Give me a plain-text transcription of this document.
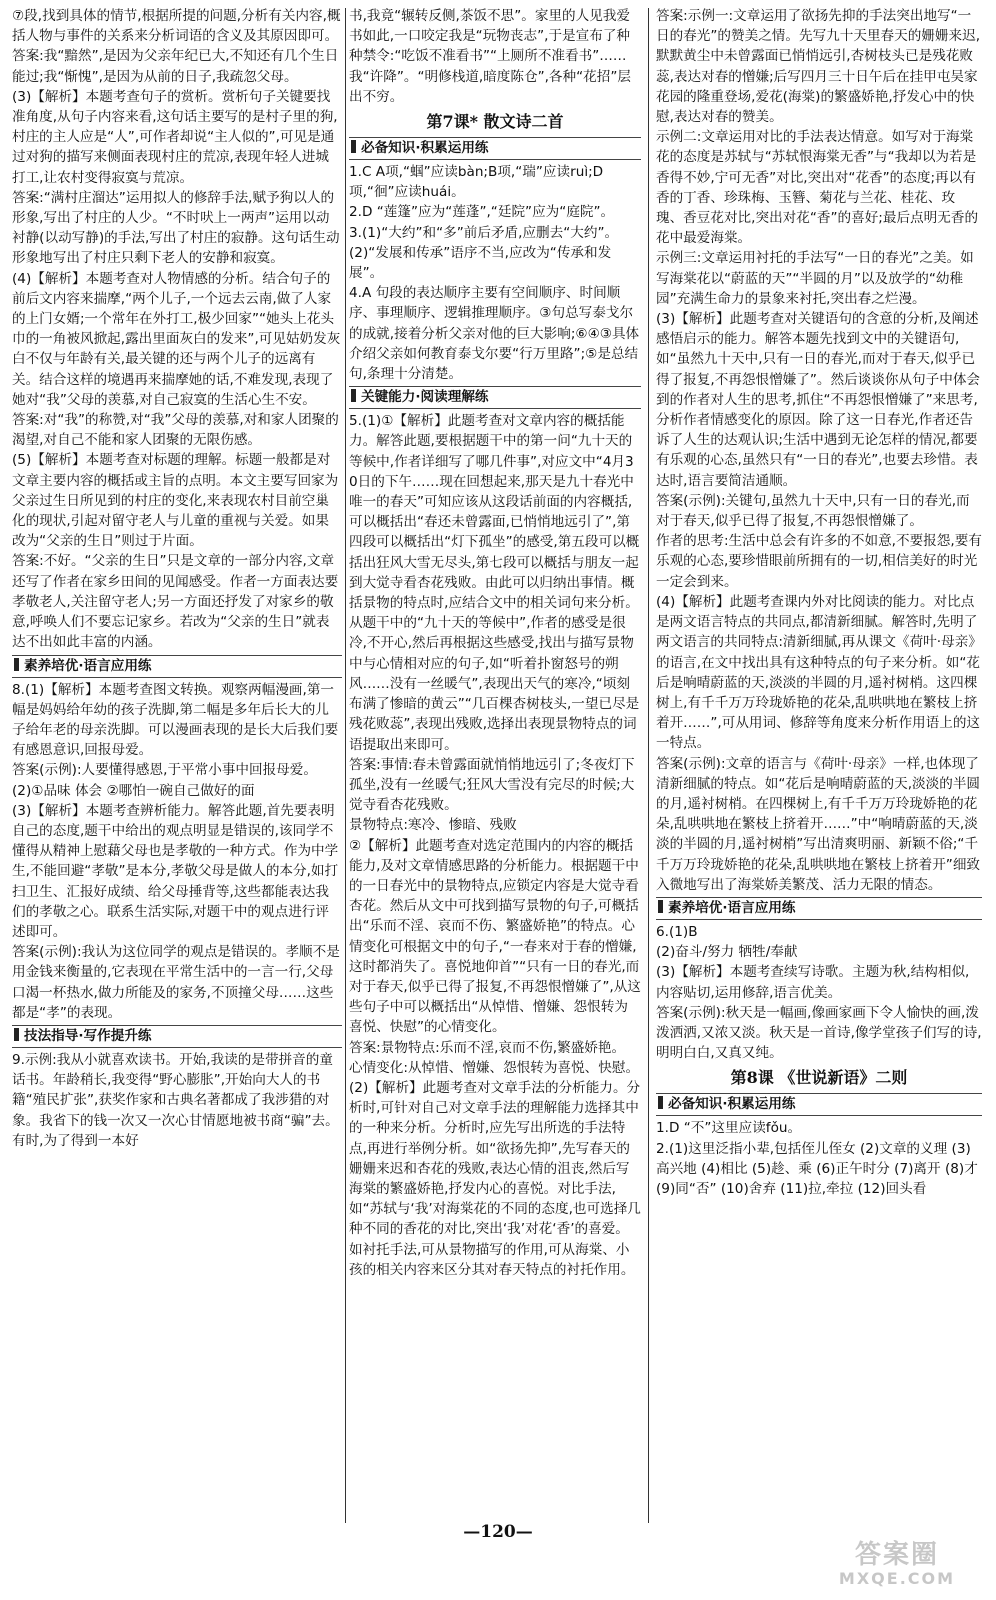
⑦段,找到具体的情节,根据所提的问题,分析有关内容,概括人物与事件的关系来分析词语的含义及其原因即可。

答案:我“黯然”,是因为父亲年纪已大,不知还有几个生日能过;我“惭愧”,是因为从前的日子,我疏忽父母。

(3)【解析】本题考查句子的赏析。赏析句子关键要找准角度,从句子内容来看,这句话主要写的是村子里的狗,村庄的主人应是“人”,可作者却说“主人似的”,可见是通过对狗的描写来侧面表现村庄的荒凉,表现年轻人进城打工,让农村变得寂寞与荒凉。

答案:“满村庄溜达”运用拟人的修辞手法,赋予狗以人的形象,写出了村庄的人少。“不时吠上一两声”运用以动衬静(以动写静)的手法,写出了村庄的寂静。这句话生动形象地写出了村庄只剩下老人的安静和寂寞。

(4)【解析】本题考查对人物情感的分析。结合句子的前后文内容来揣摩,“两个儿子,一个远去云南,做了人家的上门女婿;一个常年在外打工,极少回家”“她头上花头巾的一角被风掀起,露出里面灰白的发来”,可见姑奶发灰白不仅与年龄有关,最关键的还与两个儿子的远离有关。结合这样的境遇再来揣摩她的话,不难发现,表现了她对“我”父母的羡慕,对自己寂寞的生活心生不安。

答案:对“我”的称赞,对“我”父母的羡慕,对和家人团聚的渴望,对自己不能和家人团聚的无限伤感。

(5)【解析】本题考查对标题的理解。标题一般都是对文章主要内容的概括或主旨的点明。本文主要写回家为父亲过生日所见到的村庄的变化,来表现农村目前空巢化的现状,引起对留守老人与儿童的重视与关爱。如果改为“父亲的生日”则过于片面。

答案:不好。“父亲的生日”只是文章的一部分内容,文章还写了作者在家乡田间的见闻感受。作者一方面表达要孝敬老人,关注留守老人;另一方面还抒发了对家乡的敬意,呼唤人们不要忘记家乡。若改为“父亲的生日”就表达不出如此丰富的内涵。

素养培优·语言应用练

8.(1)【解析】本题考查图文转换。观察两幅漫画,第一幅是妈妈给年幼的孩子洗脚,第二幅是多年后长大的儿子给年老的母亲洗脚。可以漫画表现的是长大后我们要有感恩意识,回报母爱。

答案(示例):人要懂得感恩,于平常小事中回报母爱。

(2)①品味 体会 ②哪怕一碗自己做好的面

(3)【解析】本题考查辨析能力。解答此题,首先要表明自己的态度,题干中给出的观点明显是错误的,该同学不懂得从精神上慰藉父母也是孝敬的一种方式。作为中学生,不能回避“孝敬”是本分,孝敬父母是做人的本分,如打扫卫生、汇报好成绩、给父母捶背等,这些都能表达我们的孝敬之心。联系生活实际,对题干中的观点进行评述即可。

答案(示例):我认为这位同学的观点是错误的。孝顺不是用金钱来衡量的,它表现在平常生活中的一言一行,父母口渴一杯热水,做力所能及的家务,不顶撞父母……这些都是“孝”的表现。

技法指导·写作提升练

9.示例:我从小就喜欢读书。开始,我读的是带拼音的童话书。年龄稍长,我变得“野心膨胀”,开始向大人的书籍“殖民扩张”,获奖作家和古典名著都成了我涉猎的对象。我省下的钱一次又一次心甘情愿地被书商“骗”去。有时,为了得到一本好

书,我竟“辗转反侧,茶饭不思”。家里的人见我爱书如此,一口咬定我是“玩物丧志”,于是宣布了种种禁令:“吃饭不准看书”“上厕所不准看书”……我“许降”。“明修栈道,暗度陈仓”,各种“花招”层出不穷。

第7课* 散文诗二首
必备知识·积累运用练

1.C A项,“蝈”应读bàn;B项,“瑞”应读ruì;D项,“徊”应读huái。

2.D “莲篷”应为“莲蓬”,“廷院”应为“庭院”。

3.(1)“大约”和“多”前后矛盾,应删去“大约”。

(2)“发展和传承”语序不当,应改为“传承和发展”。

4.A 句段的表达顺序主要有空间顺序、时间顺序、事理顺序、逻辑推理顺序。③句总写泰戈尔的成就,接着分析父亲对他的巨大影响;⑥④③具体介绍父亲如何教育泰戈尔要“行万里路”;⑤是总结句,条理十分清楚。

关键能力·阅读理解练

5.(1)①【解析】此题考查对文章内容的概括能力。解答此题,要根据题干中的第一问“九十天的等候中,作者详细写了哪几件事”,对应文中“4月30日的下午……现在回想起来,那天是九十春光中唯一的春天”可知应该从这段话前面的内容概括,可以概括出“春还未曾露面,已悄悄地远引了”,第四段可以概括出“灯下孤坐”的感受,第五段可以概括出狂风大雪无尽头,第七段可以概括与朋友一起到大觉寺看杏花残败。由此可以归纳出事情。概括景物的特点时,应结合文中的相关词句来分析。从题干中的“九十天的等候中”,作者的感受是很冷,不开心,然后再根据这些感受,找出与描写景物中与心情相对应的句子,如“听着扑窗怒号的朔风……没有一丝暖气”,表现出天气的寒冷,“顷刻布满了惨暗的黄云”“几百棵杏树枝头,一望已尽是残花败蕊”,表现出残败,选择出表现景物特点的词语提取出来即可。

答案:事情:春未曾露面就悄悄地远引了;冬夜灯下孤坐,没有一丝暖气;狂风大雪没有完尽的时候;大觉寺看杏花残败。

景物特点:寒冷、惨暗、残败

②【解析】此题考查对选定范围内的内容的概括能力,及对文章情感思路的分析能力。根据题干中的一日春光中的景物特点,应锁定内容是大觉寺看杏花。然后从文中可找到描写景物的句子,可概括出“乐而不淫、哀而不伤、繁盛娇艳”的特点。心情变化可根据文中的句子,“一春来对于春的憎嫌,这时都消失了。喜悦地仰首”“只有一日的春光,而对于春天,似乎已得了报复,不再怨恨憎嫌了”,从这些句子中可以概括出“从悼惜、憎嫌、怨恨转为喜悦、快慰”的心情变化。

答案:景物特点:乐而不淫,哀而不伤,繁盛娇艳。

心情变化:从悼惜、憎嫌、怨恨转为喜悦、快慰。

(2)【解析】此题考查对文章手法的分析能力。分析时,可针对自己对文章手法的理解能力选择其中的一种来分析。分析时,应先写出所选的手法特点,再进行举例分析。如“欲扬先抑”,先写春天的姗姗来迟和杏花的残败,表达心情的沮丧,然后写海棠的繁盛娇艳,抒发内心的喜悦。对比手法,如“苏轼与‘我’对海棠花的不同的态度,也可选择几种不同的香花的对比,突出‘我’对花‘香’的喜爱。如衬托手法,可从景物描写的作用,可从海棠、小孩的相关内容来区分其对春天特点的衬托作用。

答案:示例一:文章运用了欲扬先抑的手法突出地写“一日的春光”的赞美之情。先写九十天里春天的姗姗来迟,默默黄尘中未曾露面已悄悄远引,杏树枝头已是残花败蕊,表达对春的憎嫌;后写四月三十日午后在挂甲屯吴家花园的隆重登场,爱花(海棠)的繁盛娇艳,抒发心中的快慰,表达对春的赞美。

示例二:文章运用对比的手法表达情意。如写对于海棠花的态度是苏轼与“苏轼恨海棠无香”与“我却以为若是香得不妙,宁可无香”对比,突出对“花香”的态度;再以有香的丁香、珍珠梅、玉簪、菊花与兰花、桂花、玫瑰、香豆花对比,突出对花“香”的喜好;最后点明无香的花中最爱海棠。

示例三:文章运用衬托的手法写“一日的春光”之美。如写海棠花以“蔚蓝的天”“半圆的月”以及放学的“幼稚园”充满生命力的景象来衬托,突出春之烂漫。

(3)【解析】此题考查对关键语句的含意的分析,及阐述感悟启示的能力。解答本题先找到文中的关键语句,如“虽然九十天中,只有一日的春光,而对于春天,似乎已得了报复,不再怨恨憎嫌了”。然后谈谈你从句子中体会到的作者对人生的思考,抓住“不再怨恨憎嫌了”来思考,分析作者情感变化的原因。除了这一日春光,作者还告诉了人生的达观认识;生活中遇到无论怎样的情况,都要有乐观的心态,虽然只有“一日的春光”,也要去珍惜。表达时,语言要简洁通顺。

答案(示例):关键句,虽然九十天中,只有一日的春光,而对于春天,似乎已得了报复,不再怨恨憎嫌了。

作者的思考:生活中总会有许多的不如意,不要报怨,要有乐观的心态,要珍惜眼前所拥有的一切,相信美好的时光一定会到来。

(4)【解析】此题考查课内外对比阅读的能力。对比点是两文语言特点的共同点,都清新细腻。解答时,先明了两文语言的共同特点:清新细腻,再从课文《荷叶·母亲》的语言,在文中找出具有这种特点的句子来分析。如“花后是响晴蔚蓝的天,淡淡的半圆的月,遥衬树梢。这四棵树上,有千千万万玲珑娇艳的花朵,乱哄哄地在繁枝上挤着开……”,可从用词、修辞等角度来分析作用语上的这一特点。

答案(示例):文章的语言与《荷叶·母亲》一样,也体现了清新细腻的特点。如“花后是响晴蔚蓝的天,淡淡的半圆的月,遥衬树梢。在四棵树上,有千千万万玲珑娇艳的花朵,乱哄哄地在繁枝上挤着开……”中“响晴蔚蓝的天,淡淡的半圆的月,遥衬树梢”写出清爽明丽、新颖不俗;“千千万万玲珑娇艳的花朵,乱哄哄地在繁枝上挤着开”细致入微地写出了海棠娇美繁茂、活力无限的情态。

素养培优·语言应用练

6.(1)B

(2)奋斗/努力 牺牲/奉献

(3)【解析】本题考查续写诗歌。主题为秋,结构相似,内容贴切,运用修辞,语言优美。

答案(示例):秋天是一幅画,像画家画下令人愉快的画,泼泼洒洒,又浓又淡。秋天是一首诗,像学堂孩子们写的诗,明明白白,又真又纯。

第8课 《世说新语》二则
必备知识·积累运用练

1.D “不”这里应读fǒu。

2.(1)这里泛指小辈,包括侄儿侄女 (2)文章的义理 (3)高兴地 (4)相比 (5)趁、乘 (6)正午时分 (7)离开 (8)才 (9)同“否” (10)舍弃 (11)拉,牵拉 (12)回头看

—120—
答案圈
MXQE.COM
